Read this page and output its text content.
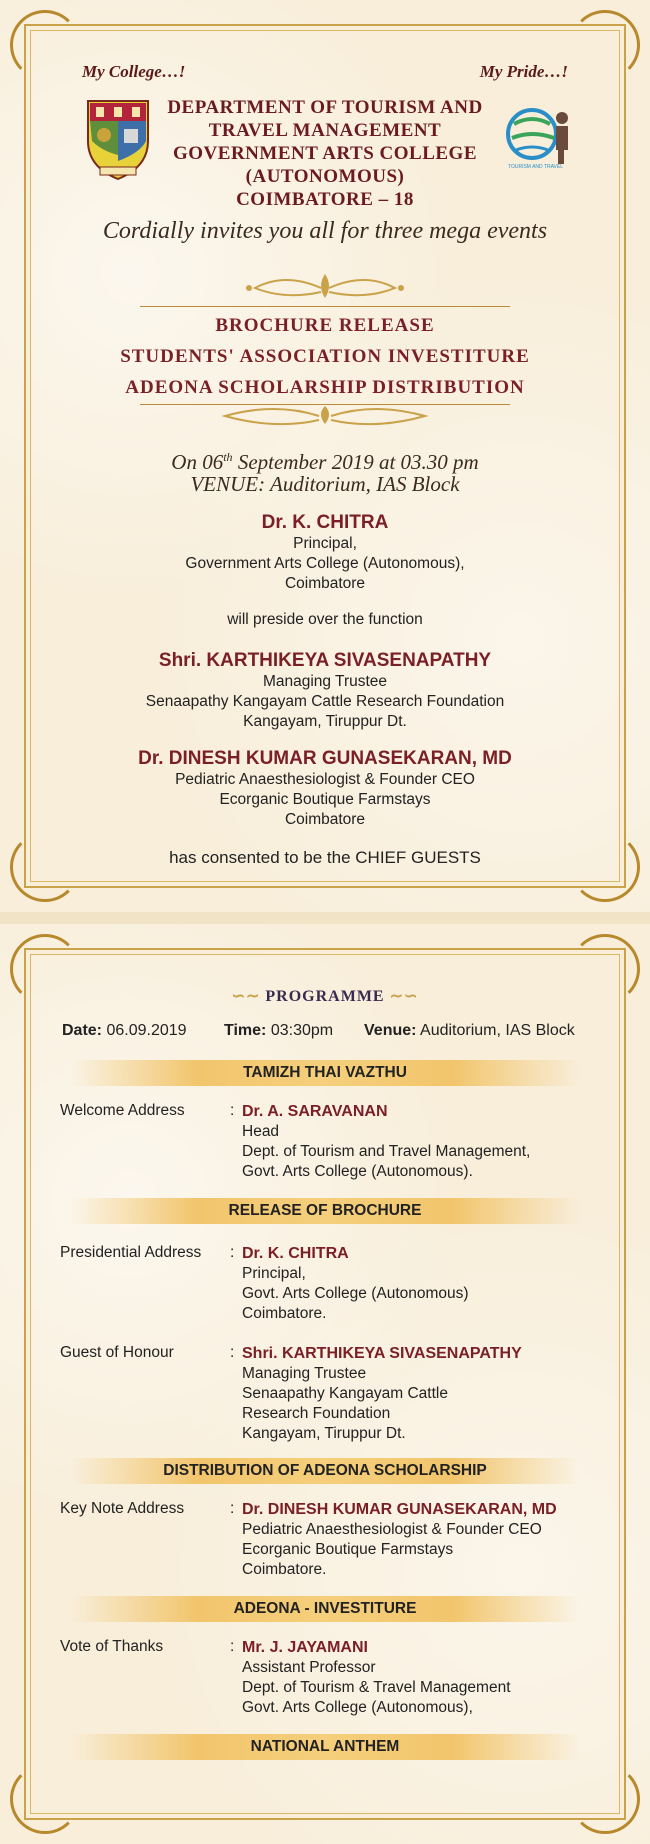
My College…!	My Pride…!
TOURISM AND TRAVEL
DEPARTMENT OF TOURISM AND
TRAVEL MANAGEMENT
GOVERNMENT ARTS COLLEGE
(AUTONOMOUS)
COIMBATORE – 18
Cordially invites you all for three mega events
BROCHURE RELEASE
STUDENTS' ASSOCIATION INVESTITURE
ADEONA SCHOLARSHIP DISTRIBUTION
On 06th September 2019 at 03.30 pm
VENUE: Auditorium, IAS Block
Dr. K. CHITRA
Principal,
Government Arts College (Autonomous),
Coimbatore
will preside over the function
Shri. KARTHIKEYA SIVASENAPATHY
Managing Trustee
Senaapathy Kangayam Cattle Research Foundation
Kangayam, Tiruppur Dt.
Dr. DINESH KUMAR GUNASEKARAN, MD
Pediatric Anaesthesiologist & Founder CEO
Ecorganic Boutique Farmstays
Coimbatore
has consented to be the CHIEF GUESTS
∽∼ PROGRAMME ∼∽
Date: 06.09.2019 Time: 03:30pm Venue: Auditorium, IAS Block
TAMIZH THAI VAZTHU
Welcome Address	: Dr. A. SARAVANAN
Head
Dept. of Tourism and Travel Management,
Govt. Arts College (Autonomous).
RELEASE OF BROCHURE
Presidential Address : Dr. K. CHITRA
Principal,
Govt. Arts College (Autonomous)
Coimbatore.
Guest of Honour	: Shri. KARTHIKEYA SIVASENAPATHY
Managing Trustee
Senaapathy Kangayam Cattle
Research Foundation
Kangayam, Tiruppur Dt.
DISTRIBUTION OF ADEONA SCHOLARSHIP
Key Note Address	: Dr. DINESH KUMAR GUNASEKARAN, MD
Pediatric Anaesthesiologist & Founder CEO
Ecorganic Boutique Farmstays
Coimbatore.
ADEONA - INVESTITURE
Vote of Thanks	: Mr. J. JAYAMANI
Assistant Professor
Dept. of Tourism & Travel Management
Govt. Arts College (Autonomous),
NATIONAL ANTHEM
